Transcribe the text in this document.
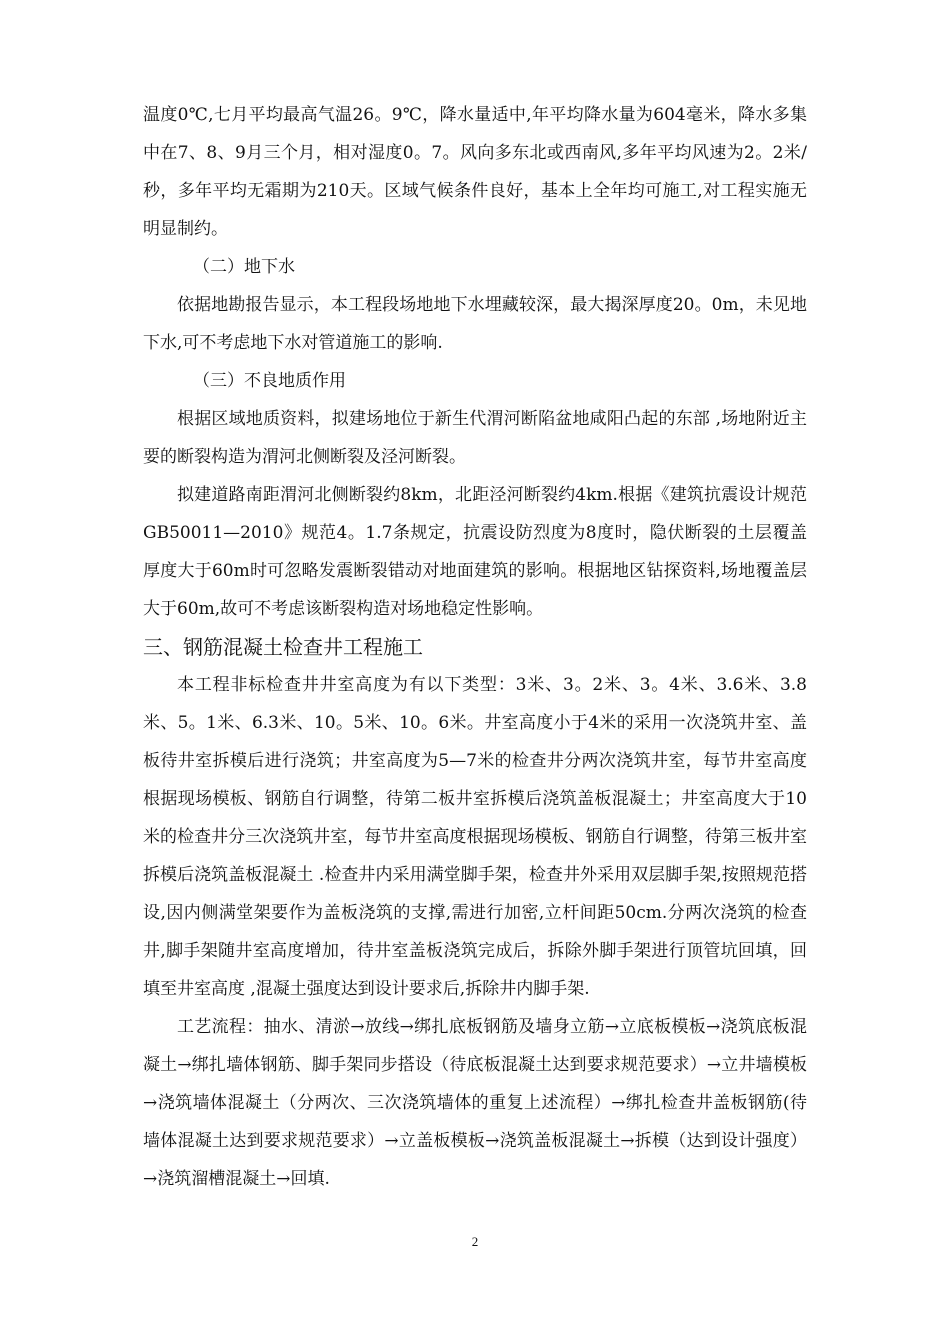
温度0℃,七月平均最高气温26。9℃，降水量适中,年平均降水量为604毫米，降水多集中在7、8、9月三个月，相对湿度0。7。风向多东北或西南风,多年平均风速为2。2米/秒，多年平均无霜期为210天。区域气候条件良好，基本上全年均可施工,对工程实施无明显制约。

（二）地下水

依据地勘报告显示，本工程段场地地下水埋藏较深，最大揭深厚度20。0m，未见地下水,可不考虑地下水对管道施工的影响.

（三）不良地质作用

根据区域地质资料，拟建场地位于新生代渭河断陷盆地咸阳凸起的东部 ,场地附近主要的断裂构造为渭河北侧断裂及泾河断裂。

拟建道路南距渭河北侧断裂约8km，北距泾河断裂约4km.根据《建筑抗震设计规范GB50011—2010》规范4。1.7条规定，抗震设防烈度为8度时，隐伏断裂的土层覆盖厚度大于60m时可忽略发震断裂错动对地面建筑的影响。根据地区钻探资料,场地覆盖层大于60m,故可不考虑该断裂构造对场地稳定性影响。

三、钢筋混凝土检查井工程施工

本工程非标检查井井室高度为有以下类型：3米、3。2米、3。4米、3.6米、3.8米、5。1米、6.3米、10。5米、10。6米。井室高度小于4米的采用一次浇筑井室、盖板待井室拆模后进行浇筑；井室高度为5—7米的检查井分两次浇筑井室，每节井室高度根据现场模板、钢筋自行调整，待第二板井室拆模后浇筑盖板混凝土；井室高度大于10米的检查井分三次浇筑井室，每节井室高度根据现场模板、钢筋自行调整，待第三板井室拆模后浇筑盖板混凝土 .检查井内采用满堂脚手架，检查井外采用双层脚手架,按照规范搭设,因内侧满堂架要作为盖板浇筑的支撑,需进行加密,立杆间距50cm.分两次浇筑的检查井,脚手架随井室高度增加，待井室盖板浇筑完成后，拆除外脚手架进行顶管坑回填，回填至井室高度 ,混凝土强度达到设计要求后,拆除井内脚手架.

工艺流程：抽水、清淤→放线→绑扎底板钢筋及墙身立筋→立底板模板→浇筑底板混凝土→绑扎墙体钢筋、脚手架同步搭设（待底板混凝土达到要求规范要求）→立井墙模板→浇筑墙体混凝土（分两次、三次浇筑墙体的重复上述流程）→绑扎检查井盖板钢筋(待墙体混凝土达到要求规范要求）→立盖板模板→浇筑盖板混凝土→拆模（达到设计强度）→浇筑溜槽混凝土→回填.

2
